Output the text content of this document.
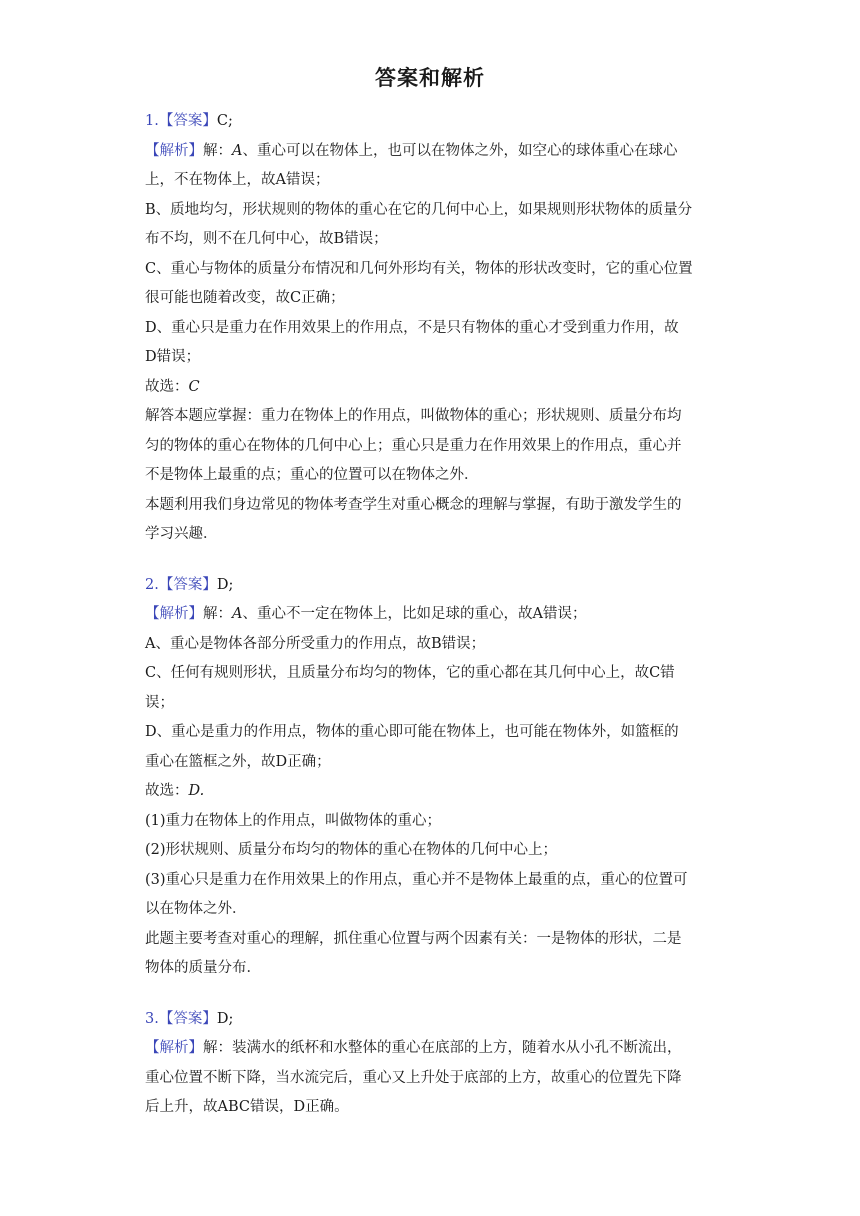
答案和解析
1.【答案】C;
【解析】解：A、重心可以在物体上，也可以在物体之外，如空心的球体重心在球心
上，不在物体上，故A错误；
B、质地均匀，形状规则的物体的重心在它的几何中心上，如果规则形状物体的质量分
布不均，则不在几何中心，故B错误；
C、重心与物体的质量分布情况和几何外形均有关，物体的形状改变时，它的重心位置
很可能也随着改变，故C正确；
D、重心只是重力在作用效果上的作用点，不是只有物体的重心才受到重力作用，故
D错误；
故选：C
解答本题应掌握：重力在物体上的作用点，叫做物体的重心；形状规则、质量分布均
匀的物体的重心在物体的几何中心上；重心只是重力在作用效果上的作用点，重心并
不是物体上最重的点；重心的位置可以在物体之外．
本题利用我们身边常见的物体考查学生对重心概念的理解与掌握，有助于激发学生的
学习兴趣．
2.【答案】D;
【解析】解：A、重心不一定在物体上，比如足球的重心，故A错误；
A、重心是物体各部分所受重力的作用点，故B错误；
C、任何有规则形状，且质量分布均匀的物体，它的重心都在其几何中心上，故C错
误；
D、重心是重力的作用点，物体的重心即可能在物体上，也可能在物体外，如篮框的
重心在篮框之外，故D正确；
故选：D.
(1)重力在物体上的作用点，叫做物体的重心；
(2)形状规则、质量分布均匀的物体的重心在物体的几何中心上；
(3)重心只是重力在作用效果上的作用点，重心并不是物体上最重的点，重心的位置可
以在物体之外．
此题主要考查对重心的理解，抓住重心位置与两个因素有关：一是物体的形状，二是
物体的质量分布．
3.【答案】D;
【解析】解：装满水的纸杯和水整体的重心在底部的上方，随着水从小孔不断流出，
重心位置不断下降，当水流完后，重心又上升处于底部的上方，故重心的位置先下降
后上升，故ABC错误，D正确。
